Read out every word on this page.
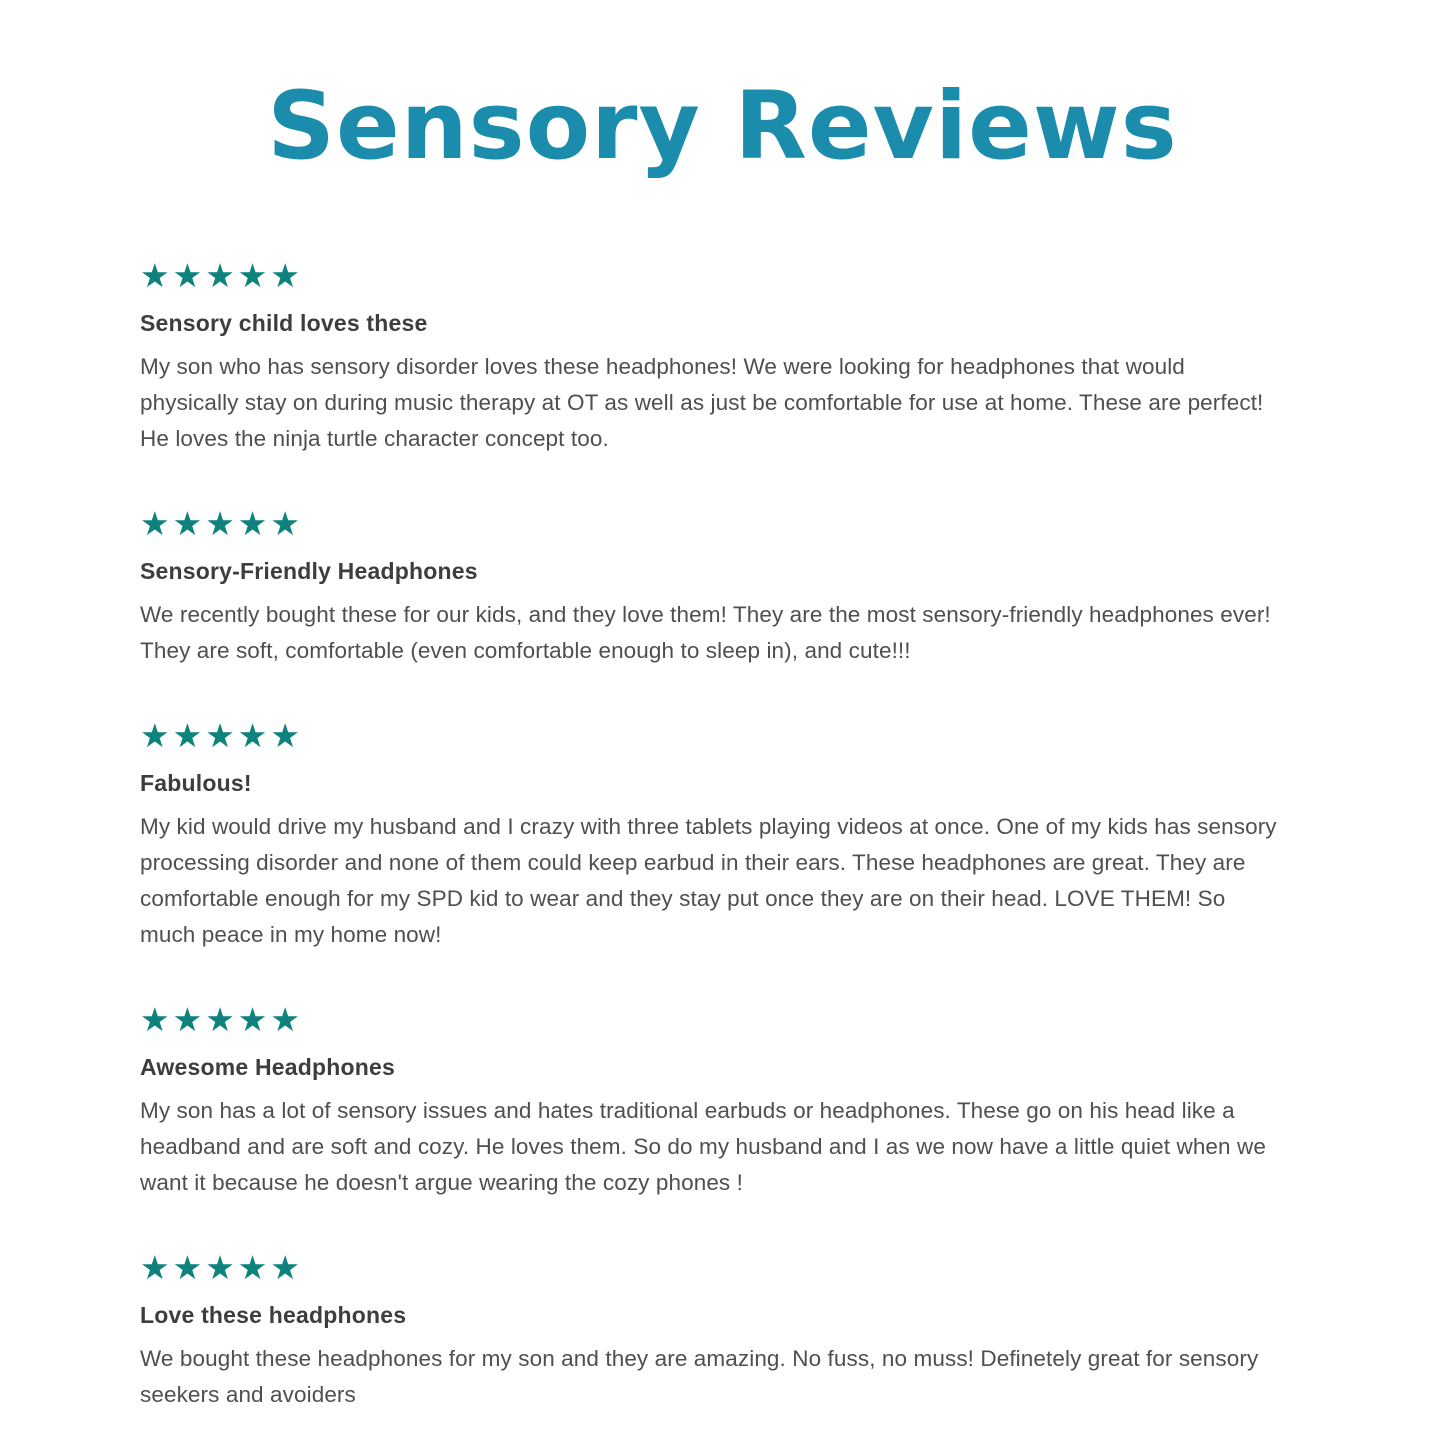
Sensory Reviews
★★★★★
Sensory child loves these

My son who has sensory disorder loves these headphones! We were looking for headphones that would physically stay on during music therapy at OT as well as just be comfortable for use at home. These are perfect! He loves the ninja turtle character concept too.

★★★★★
Sensory-Friendly Headphones

We recently bought these for our kids, and they love them! They are the most sensory-friendly headphones ever! They are soft, comfortable (even comfortable enough to sleep in), and cute!!!

★★★★★
Fabulous!

My kid would drive my husband and I crazy with three tablets playing videos at once. One of my kids has sensory processing disorder and none of them could keep earbud in their ears. These headphones are great. They are comfortable enough for my SPD kid to wear and they stay put once they are on their head. LOVE THEM! So much peace in my home now!

★★★★★
Awesome Headphones

My son has a lot of sensory issues and hates traditional earbuds or headphones. These go on his head like a headband and are soft and cozy. He loves them. So do my husband and I as we now have a little quiet when we want it because he doesn't argue wearing the cozy phones !

★★★★★
Love these headphones

We bought these headphones for my son and they are amazing. No fuss, no muss! Definetely great for sensory seekers and avoiders
